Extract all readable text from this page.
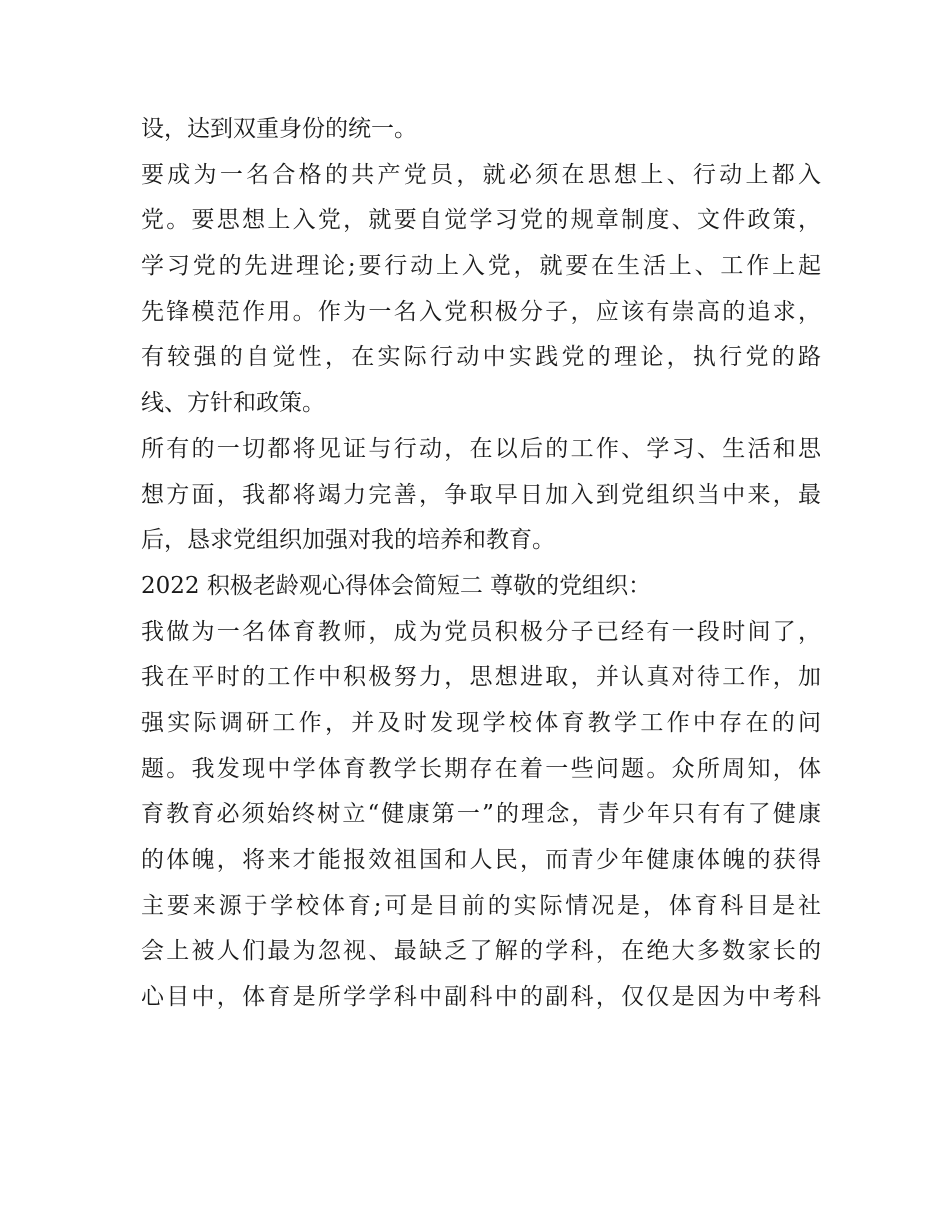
设，达到双重身份的统一。
要成为一名合格的共产党员，就必须在思想上、行动上都入
党。要思想上入党，就要自觉学习党的规章制度、文件政策，
学习党的先进理论;要行动上入党，就要在生活上、工作上起
先锋模范作用。作为一名入党积极分子，应该有崇高的追求，
有较强的自觉性，在实际行动中实践党的理论，执行党的路
线、方针和政策。
所有的一切都将见证与行动，在以后的工作、学习、生活和思
想方面，我都将竭力完善，争取早日加入到党组织当中来，最
后，恳求党组织加强对我的培养和教育。
2022 积极老龄观心得体会简短二 尊敬的党组织：
我做为一名体育教师，成为党员积极分子已经有一段时间了，
我在平时的工作中积极努力，思想进取，并认真对待工作，加
强实际调研工作，并及时发现学校体育教学工作中存在的问
题。我发现中学体育教学长期存在着一些问题。众所周知，体
育教育必须始终树立“健康第一”的理念，青少年只有有了健康
的体魄，将来才能报效祖国和人民，而青少年健康体魄的获得
主要来源于学校体育;可是目前的实际情况是，体育科目是社
会上被人们最为忽视、最缺乏了解的学科，在绝大多数家长的
心目中，体育是所学学科中副科中的副科，仅仅是因为中考科
